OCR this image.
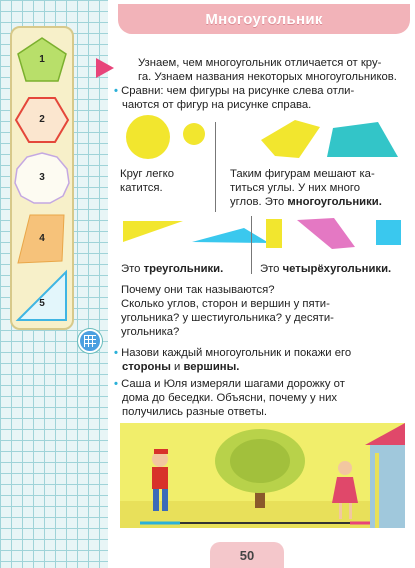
1
2
3
4
5
Многоугольник
Узнаем, чем многоугольник отличается от кру-
га. Узнаем названия некоторых многоугольников.
• Сравни: чем фигуры на рисунке слева отли-
чаются от фигур на рисунке справа.
Круг легко
катится.
Таким фигурам мешают ка-
титься углы. У них много
углов. Это многоугольники.
Это треугольники.	Это четырёхугольники.
Почему они так называются?
Сколько углов, сторон и вершин у пяти-
угольника? у шестиугольника? у десяти-
угольника?
• Назови каждый многоугольник и покажи его
стороны и вершины.
• Саша и Юля измеряли шагами дорожку от
дома до беседки. Объясни, почему у них
получились разные ответы.
50
